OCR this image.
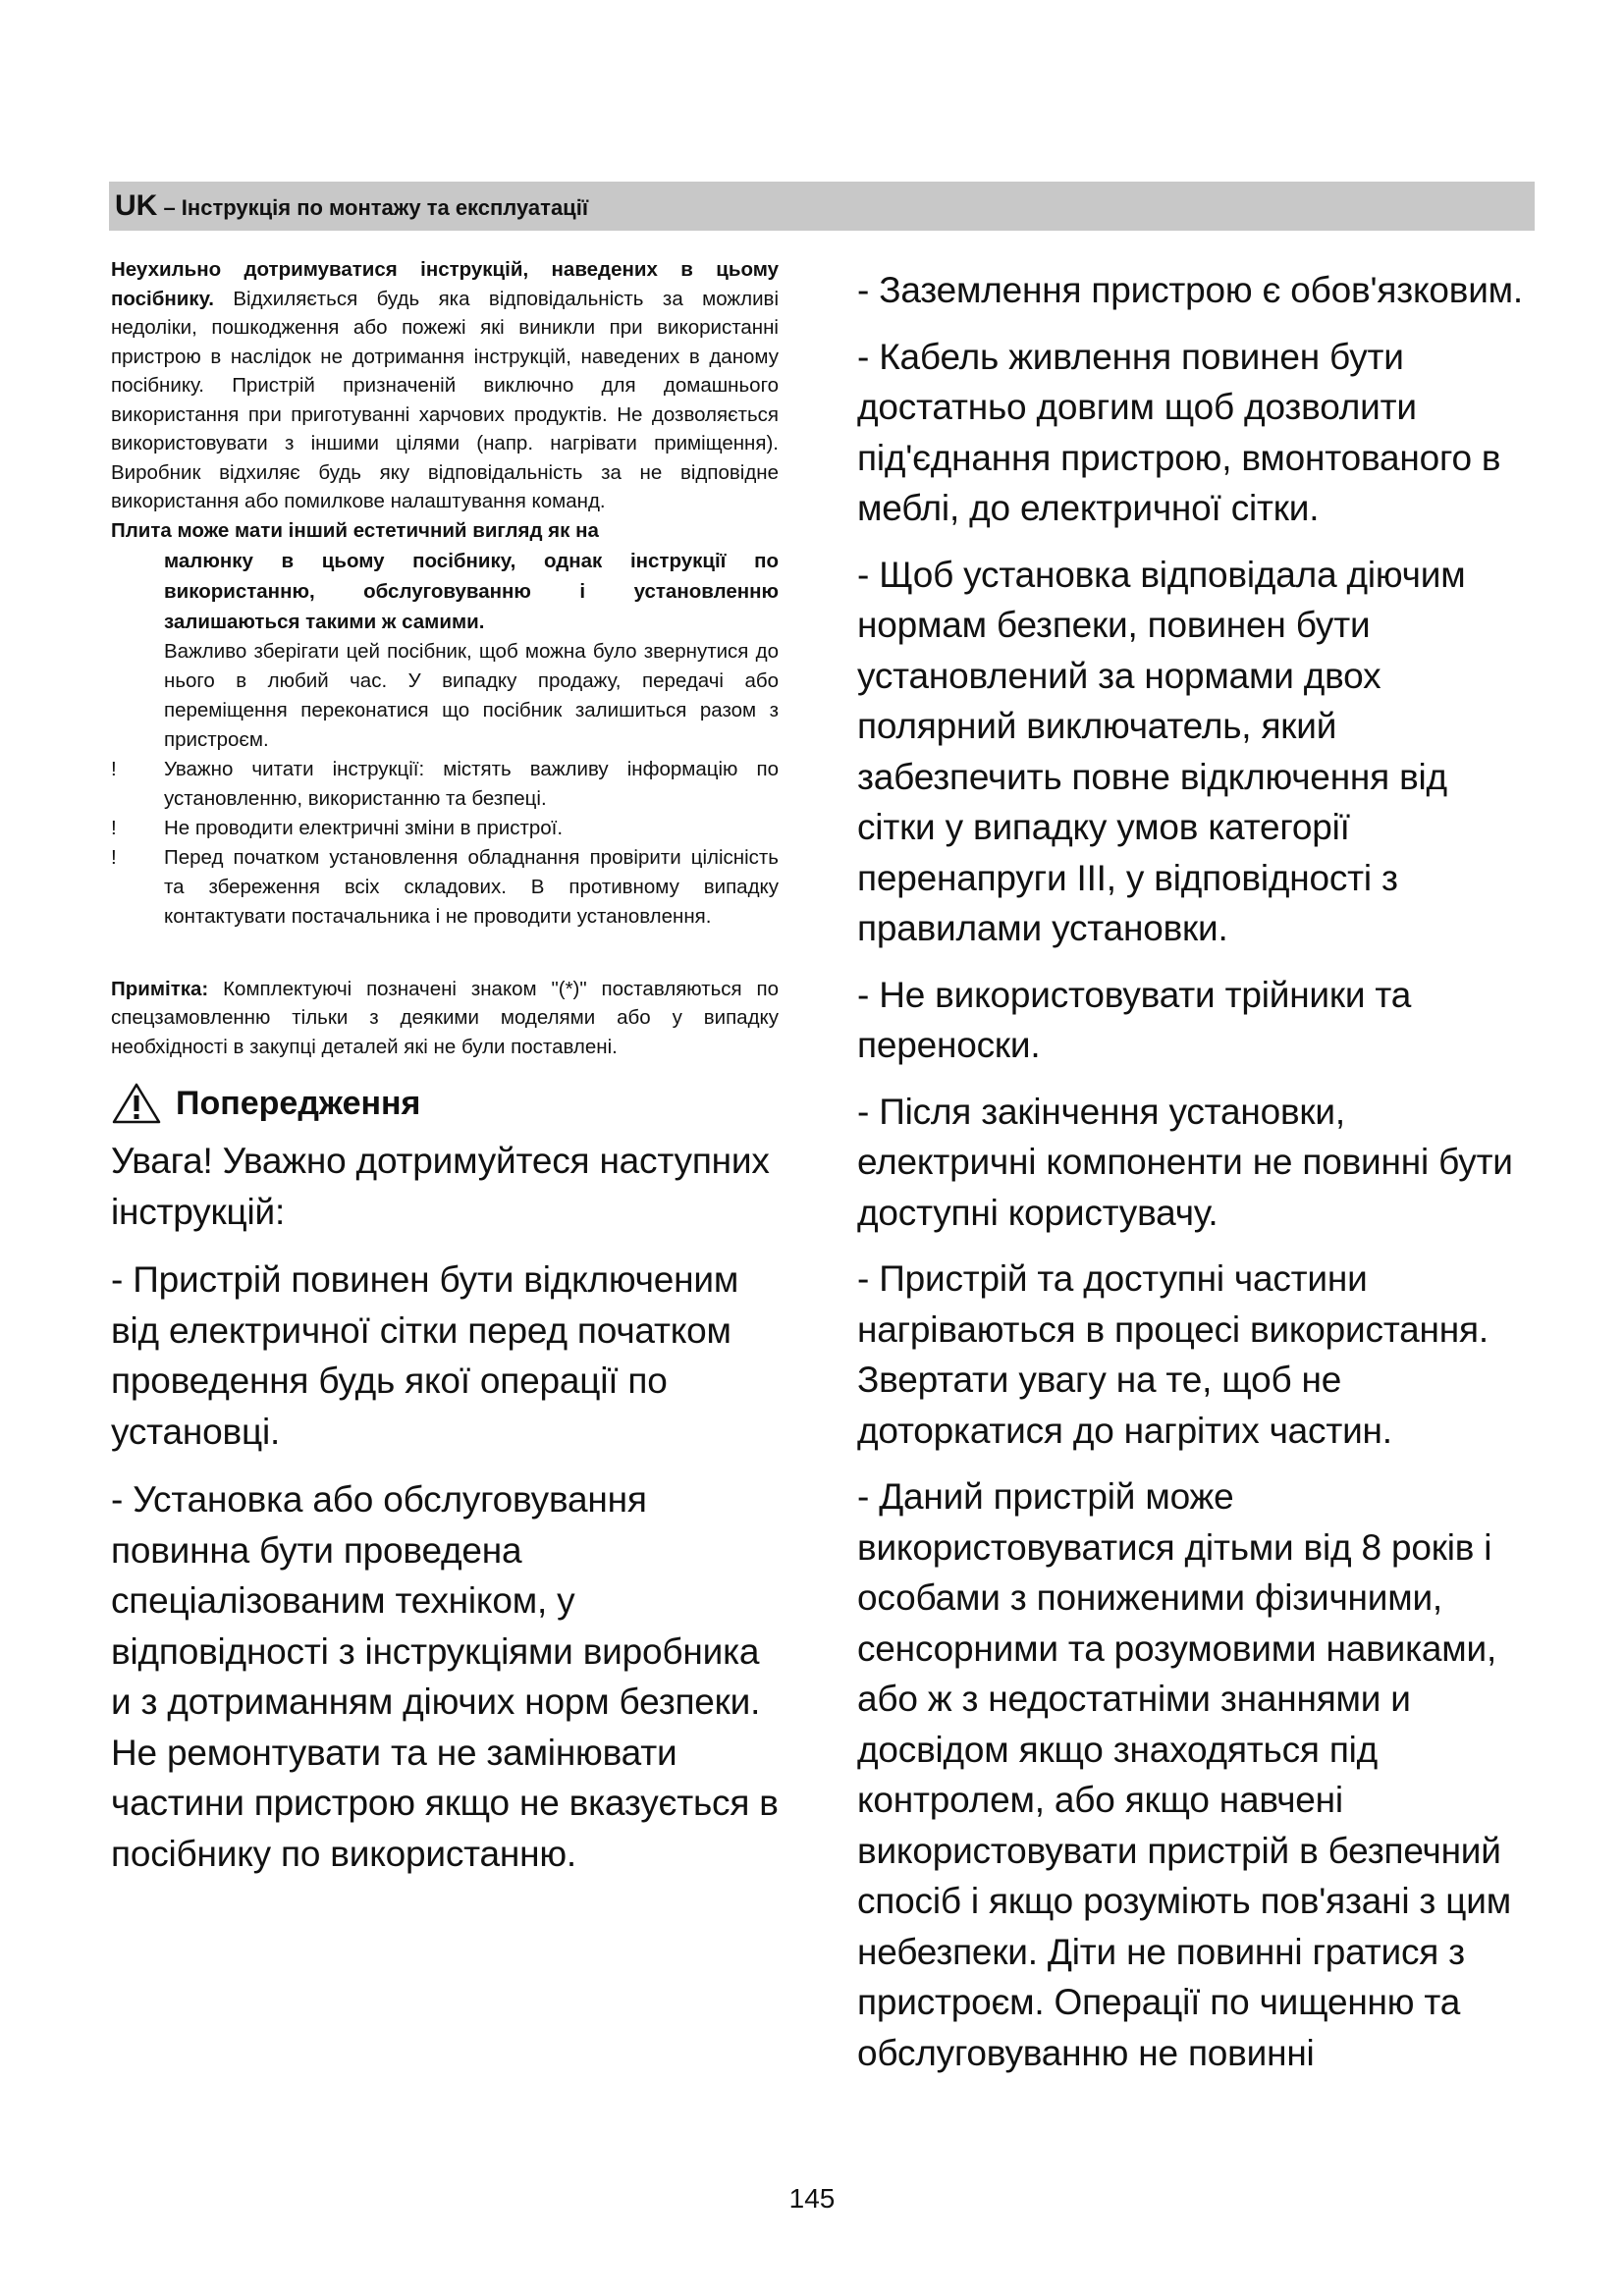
UK – Інструкція по монтажу та експлуатації

Неухильно дотримуватися інструкцій, наведених в цьому посібнику. Відхиляється будь яка відповідальність за можливі недоліки, пошкодження або пожежі які виникли при використанні пристрою в наслідок не дотримання інструкцій, наведених в даному посібнику. Пристрій призначеній виключно для домашнього використання при приготуванні харчових продуктів. Не дозволяється використовувати з іншими цілями (напр. нагрівати приміщення). Виробник відхиляє будь яку відповідальність за не відповідне використання або помилкове налаштування команд.

Плита може мати інший естетичний вигляд як на

малюнку в цьому посібнику, однак інструкції по використанню, обслуговуванню і установленню залишаються такими ж самими.

Важливо зберігати цей посібник, щоб можна було звернутися до нього в любий час. У випадку продажу, передачі або переміщення переконатися що посібник залишиться разом з пристроєм.

!	Уважно читати інструкції: містять важливу інформацію по установленню, використанню та безпеці.

!	Не проводити електричні зміни в пристрої.

!	Перед початком установлення обладнання провірити цілісність та збереження всіх складових. В противному випадку контактувати постачальника і не проводити установлення.

Примітка: Комплектуючі позначені знаком "(*)" поставляються по спецзамовленню тільки з деякими моделями або у випадку необхідності в закупці деталей які не були поставлені.

Попередження

Увага! Уважно дотримуйтеся наступних інструкцій:

- Пристрій повинен бути відключеним від електричної сітки перед початком проведення будь якої операції по установці.

- Установка або обслуговування повинна бути проведена спеціалізованим техніком, у відповідності з інструкціями виробника и з дотриманням діючих норм безпеки. Не ремонтувати та не замінювати частини пристрою якщо не вказується в посібнику по використанню.

- Заземлення пристрою є обов'язковим.

- Кабель живлення повинен бути достатньо довгим щоб дозволити під'єднання пристрою, вмонтованого в меблі, до електричної сітки.

- Щоб установка відповідала діючим нормам безпеки, повинен бути установлений за нормами двох полярний виключатель, який забезпечить повне відключення від сітки у випадку умов категорії перенапруги III, у відповідності з правилами установки.

- Не використовувати трійники та переноски.

- Після закінчення установки, електричні компоненти не повинні бути доступні користувачу.

- Пристрій та доступні частини нагріваються в процесі використання. Звертати увагу на те, щоб не доторкатися до нагрітих частин.

- Даний пристрій може використовуватися дітьми від 8 років і особами з пониженими фізичними, сенсорними та розумовими навиками, або ж з недостатніми знаннями и досвідом якщо знаходяться під контролем, або якщо навчені використовувати пристрій в безпечний спосіб і якщо розуміють пов'язані з цим небезпеки. Діти не повинні гратися з пристроєм. Операції по чищенню та обслуговуванню не повинні

145
